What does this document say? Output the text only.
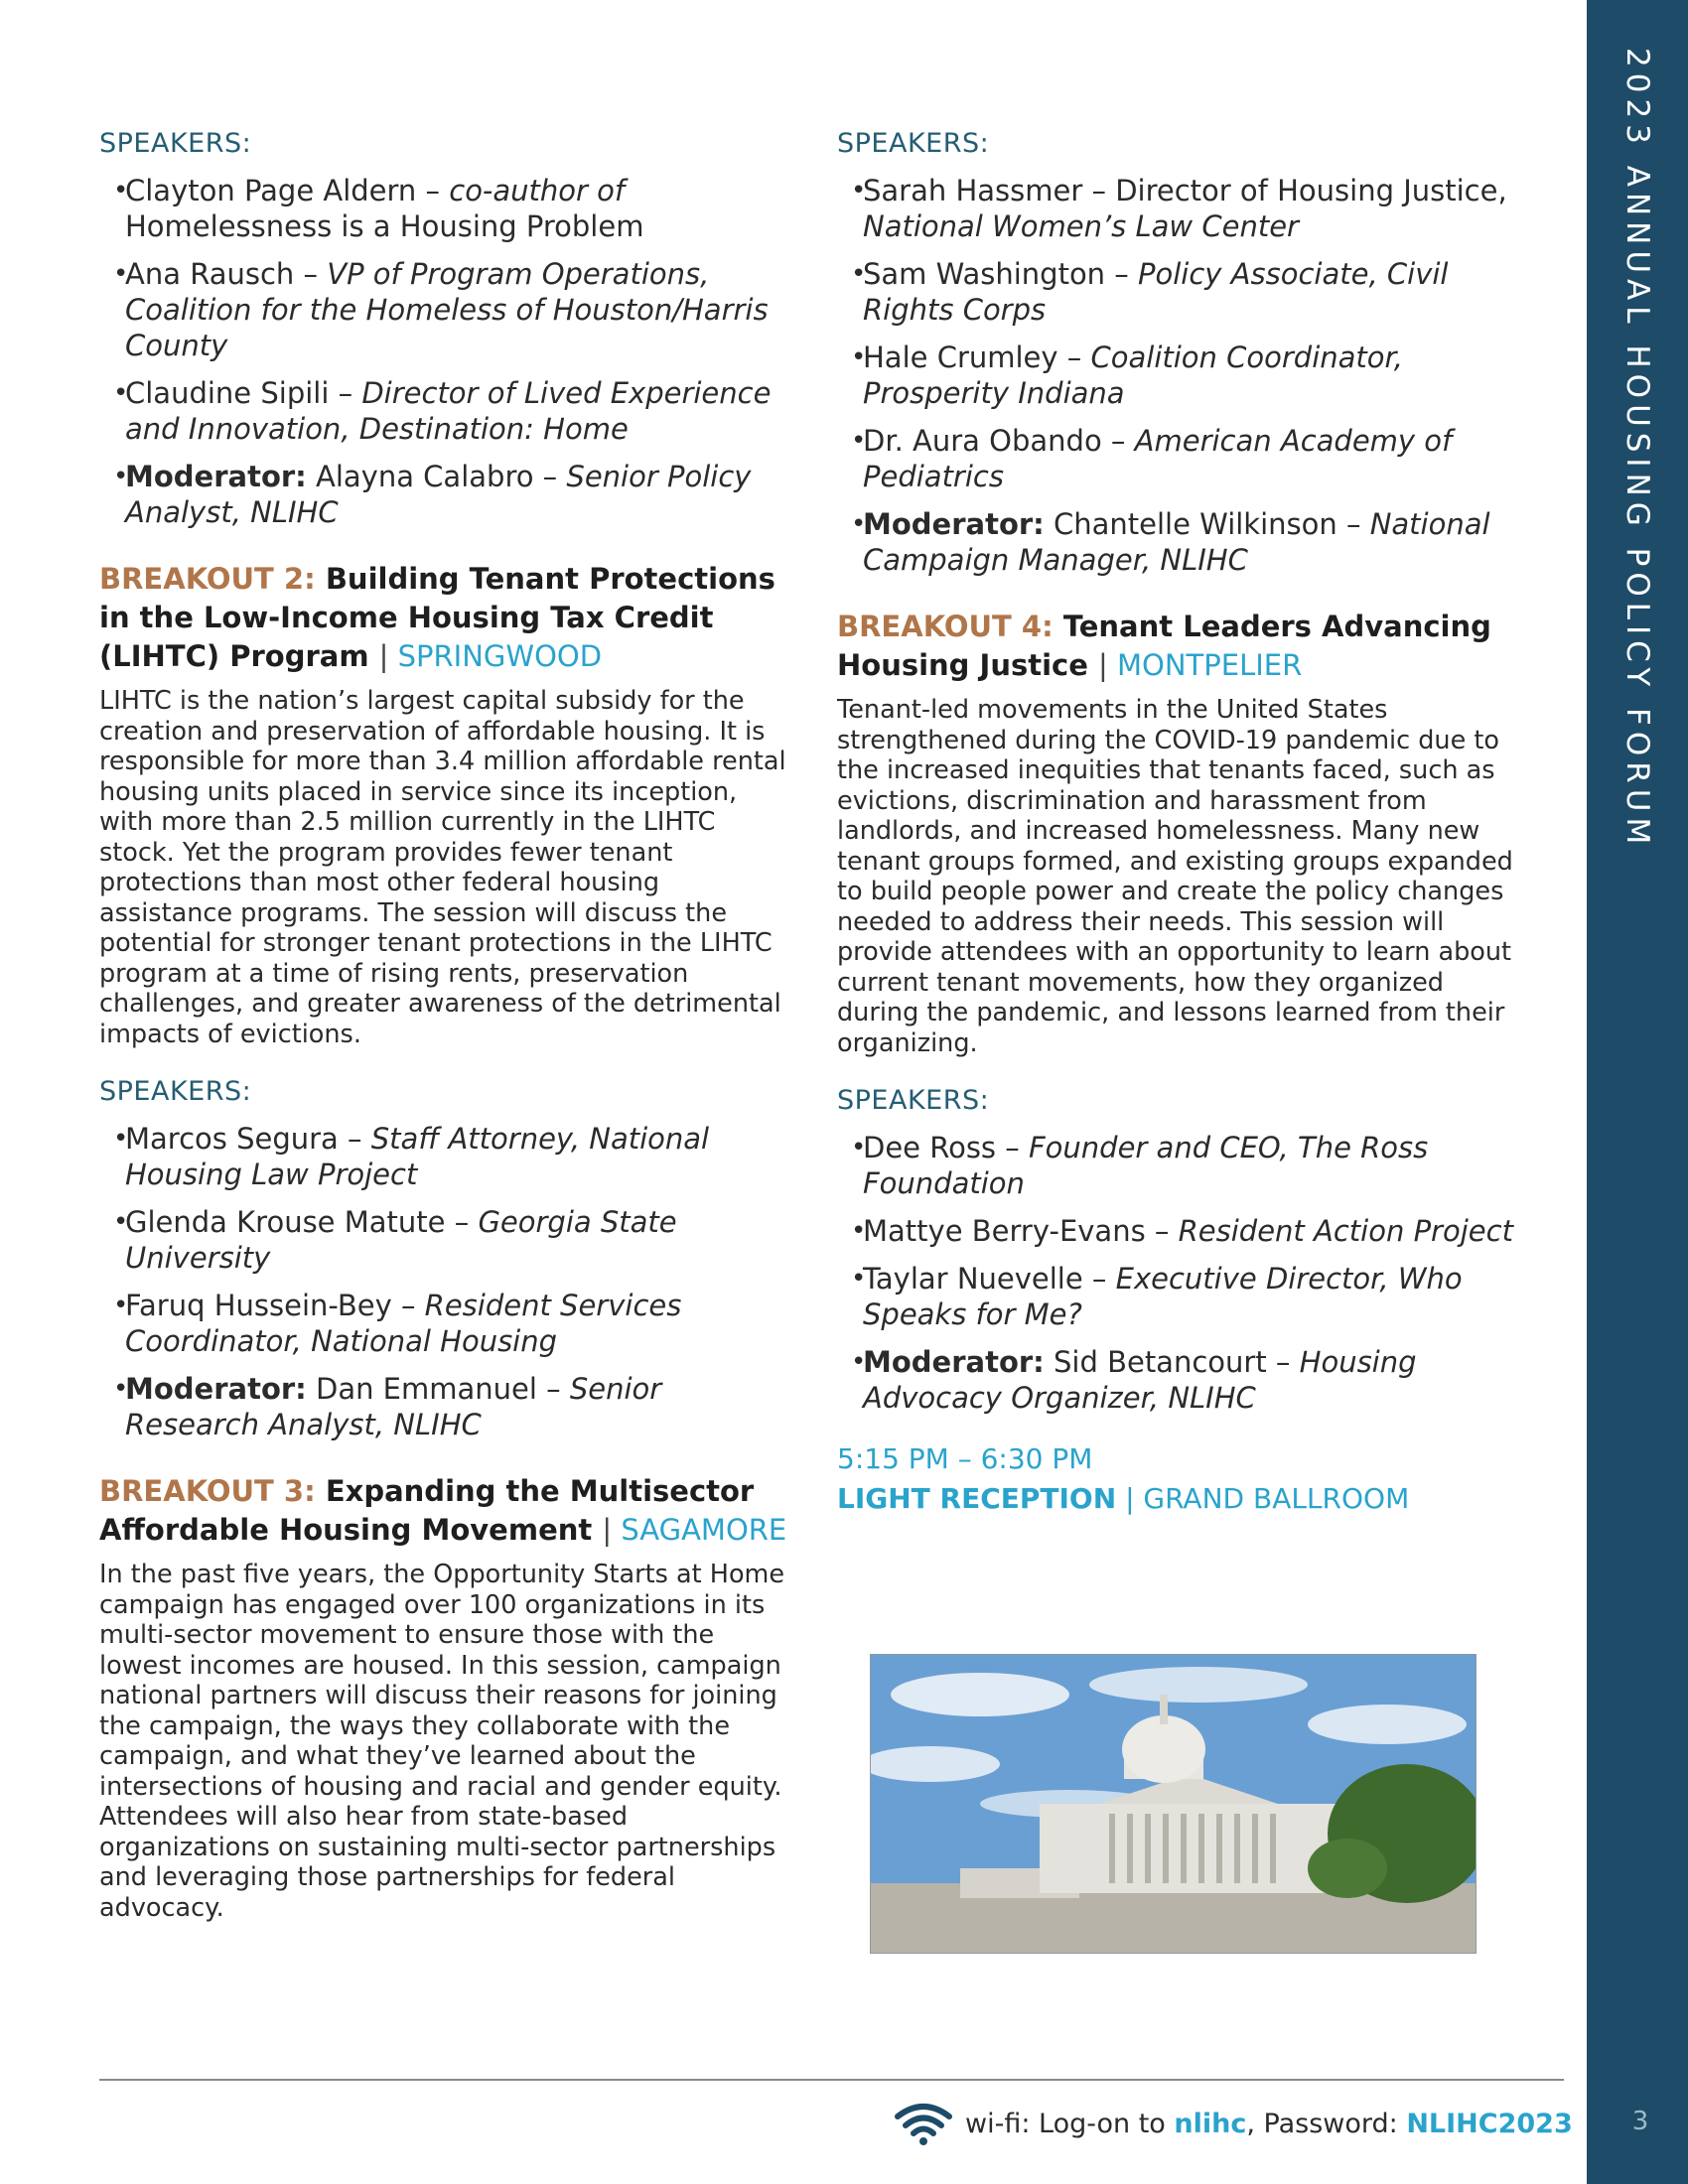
SPEAKERS:
• Clayton Page Aldern – co-author of
Homelessness is a Housing Problem
• Ana Rausch – VP of Program Operations, Coalition for the Homeless of Houston/Harris County
• Claudine Sipili – Director of Lived Experience and Innovation, Destination: Home
• Moderator: Alayna Calabro – Senior Policy Analyst, NLIHC
BREAKOUT 2: Building Tenant Protections in the Low-Income Housing Tax Credit (LIHTC) Program | SPRINGWOOD

LIHTC is the nation’s largest capital subsidy for the creation and preservation of affordable housing. It is responsible for more than 3.4 million affordable rental housing units placed in service since its inception, with more than 2.5 million currently in the LIHTC stock. Yet the program provides fewer tenant protections than most other federal housing assistance programs. The session will discuss the potential for stronger tenant protections in the LIHTC program at a time of rising rents, preservation challenges, and greater awareness of the detrimental impacts of evictions.

SPEAKERS:
• Marcos Segura – Staff Attorney, National Housing Law Project
• Glenda Krouse Matute – Georgia State University
• Faruq Hussein-Bey – Resident Services Coordinator, National Housing
• Moderator: Dan Emmanuel – Senior Research Analyst, NLIHC
BREAKOUT 3: Expanding the Multisector Affordable Housing Movement | SAGAMORE

In the past five years, the Opportunity Starts at Home campaign has engaged over 100 organizations in its multi-sector movement to ensure those with the lowest incomes are housed. In this session, campaign national partners will discuss their reasons for joining the campaign, the ways they collaborate with the campaign, and what they’ve learned about the intersections of housing and racial and gender equity. Attendees will also hear from state-based organizations on sustaining multi-sector partnerships and leveraging those partnerships for federal advocacy.

SPEAKERS:
• Sarah Hassmer – Director of Housing Justice, National Women’s Law Center
• Sam Washington – Policy Associate, Civil Rights Corps
• Hale Crumley – Coalition Coordinator, Prosperity Indiana
• Dr. Aura Obando – American Academy of Pediatrics
• Moderator: Chantelle Wilkinson – National Campaign Manager, NLIHC
BREAKOUT 4: Tenant Leaders Advancing Housing Justice | MONTPELIER

Tenant-led movements in the United States strengthened during the COVID-19 pandemic due to the increased inequities that tenants faced, such as evictions, discrimination and harassment from landlords, and increased homelessness. Many new tenant groups formed, and existing groups expanded to build people power and create the policy changes needed to address their needs. This session will provide attendees with an opportunity to learn about current tenant movements, how they organized during the pandemic, and lessons learned from their organizing.

SPEAKERS:
• Dee Ross – Founder and CEO, The Ross Foundation
• Mattye Berry-Evans – Resident Action Project
• Taylar Nuevelle – Executive Director, Who Speaks for Me?
• Moderator: Sid Betancourt – Housing Advocacy Organizer, NLIHC
5:15 PM – 6:30 PM
LIGHT RECEPTION | GRAND BALLROOM
2023 ANNUAL HOUSING POLICY FORUM
3
wi-fi: Log-on to nlihc, Password: NLIHC2023
